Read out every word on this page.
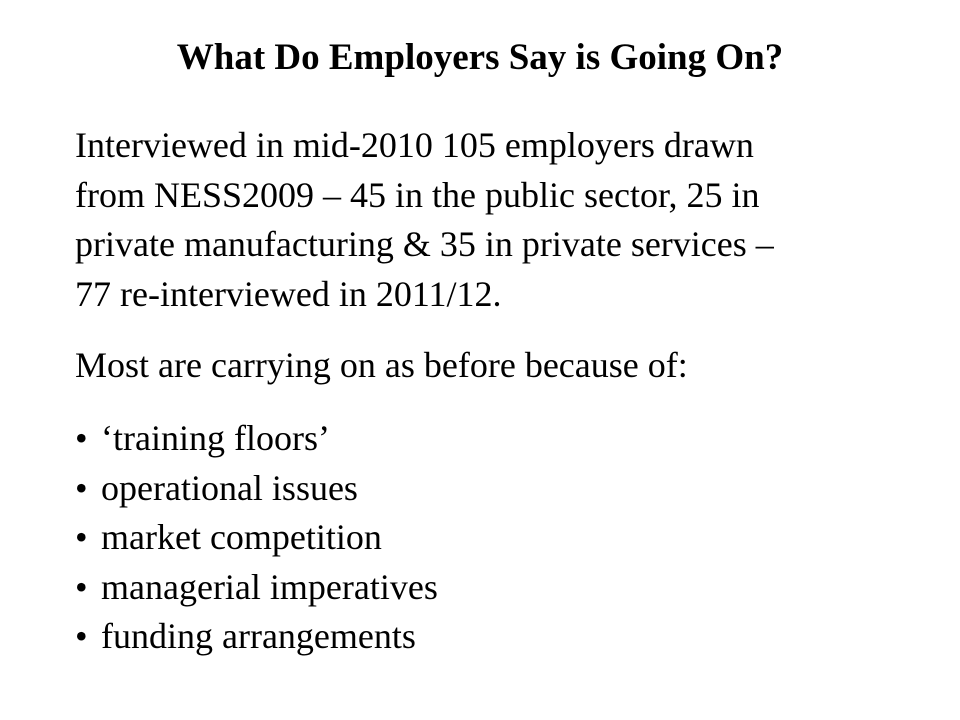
What Do Employers Say is Going On?

Interviewed in mid-2010 105 employers drawn
from NESS2009 – 45 in the public sector, 25 in
private manufacturing & 35 in private services –
77 re-interviewed in 2011/12.

Most are carrying on as before because of:

• ‘training floors’
• operational issues
• market competition
• managerial imperatives
• funding arrangements
